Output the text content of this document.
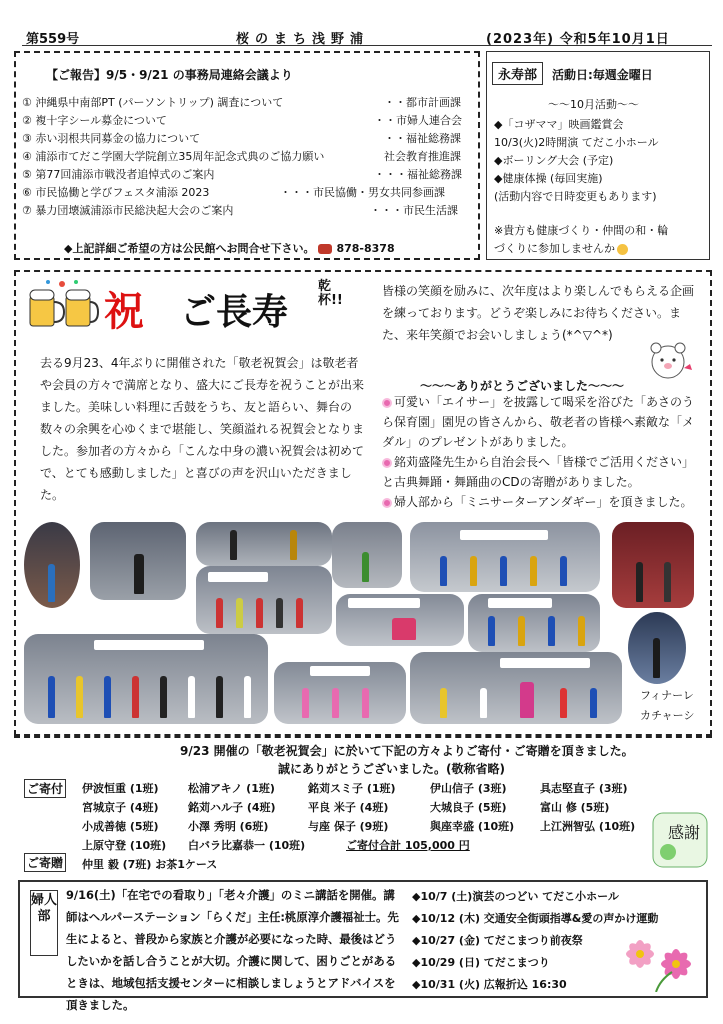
第559号	桜のまち浅野浦	(2023年) 令和5年10月1日
【ご報告】9/5・9/21 の事務局連絡会議より
① 沖縄県中南部PT (パーソントリップ) 調査について	・・都市計画課
② 複十字シール募金について	・・市婦人連合会
③ 赤い羽根共同募金の協力について	・・福祉総務課
④ 浦添市てだこ学園大学院創立35周年記念式典のご協力願い	社会教育推進課
⑤ 第77回浦添市戦没者追悼式のご案内	・・・福祉総務課
⑥ 市民協働と学びフェスタ浦添 2023	・・・市民協働・男女共同参画課
⑦ 暴力団壊滅浦添市民総決起大会のご案内	・・・市民生活課
◆上記詳細ご希望の方は公民館へお問合せ下さい。 878-8378
永寿部	活動日:毎週金曜日
〜〜10月活動〜〜
◆「コザママ」映画鑑賞会
10/3(火)2時開演 てだこ小ホール
◆ボーリング大会 (予定)
◆健康体操 (毎回実施)
(活動内容で日時変更もあります)
※貴方も健康づくり・仲間の和・輪
づくりに参加しませんか
祝 ご長寿
乾杯!!
去る9月23、4年ぶりに開催された「敬老祝賀会」は敬老者や会員の方々で満席となり、盛大にご長寿を祝うことが出来ました。美味しい料理に舌鼓をうち、友と語らい、舞台の数々の余興を心ゆくまで堪能し、笑顔溢れる祝賀会となりました。参加者の方々から「こんな中身の濃い祝賀会は初めてで、とても感動しました」と喜びの声を沢山いただきました。
皆様の笑顔を励みに、次年度はより楽しんでもらえる企画を練っております。どうぞ楽しみにお待ちください。また、来年笑顔でお会いしましょう(*^▽^*)
〜〜〜ありがとうございました〜〜〜
可愛い「エイサー」を披露して喝采を浴びた「あさのうら保育園」園児の皆さんから、敬老者の皆様へ素敵な「メダル」のプレゼントがありました。
銘苅盛隆先生から自治会長へ「皆様でご活用ください」と古典舞踊・舞踊曲のCDの寄贈がありました。
婦人部から「ミニサーターアンダギー」を頂きました。
フィナーレ
カチャーシ
9/23 開催の「敬老祝賀会」に於いて下記の方々よりご寄付・ご寄贈を頂きました。
誠にありがとうございました。(敬称省略)
ご寄付 伊波恒重 (1班)	松浦アキノ (1班)	銘苅スミ子 (1班)	伊山信子 (3班)	具志堅直子 (3班)
宮城京子 (4班)	銘苅ハル子 (4班)	平良 米子 (4班)	大城良子 (5班)	富山 修 (5班)
小成善徳 (5班)	小澤 秀明 (6班)	与座 保子 (9班)	與座幸盛 (10班) 上江洲智弘 (10班)
上原守登 (10班) 白バラ比嘉恭一 (10班)	ご寄付合計 105,000 円
ご寄贈 仲里 毅 (7班) お茶1ケース
感謝
婦人部
9/16(土)「在宅での看取り」「老々介護」のミニ講話を開催。講師はヘルパーステーション「らくだ」主任:桃原淳介護福祉士。先生によると、普段から家族と介護が必要になった時、最後はどうしたいかを話し合うことが大切。介護に関して、困りごとがあるときは、地域包括支援センターに相談しましょうとアドバイスを頂きました。
◆10/7 (土)演芸のつどい てだこ小ホール
◆10/12 (木) 交通安全街頭指導&愛の声かけ運動
◆10/27 (金) てだこまつり前夜祭
◆10/29 (日) てだこまつり
◆10/31 (火) 広報折込 16:30
